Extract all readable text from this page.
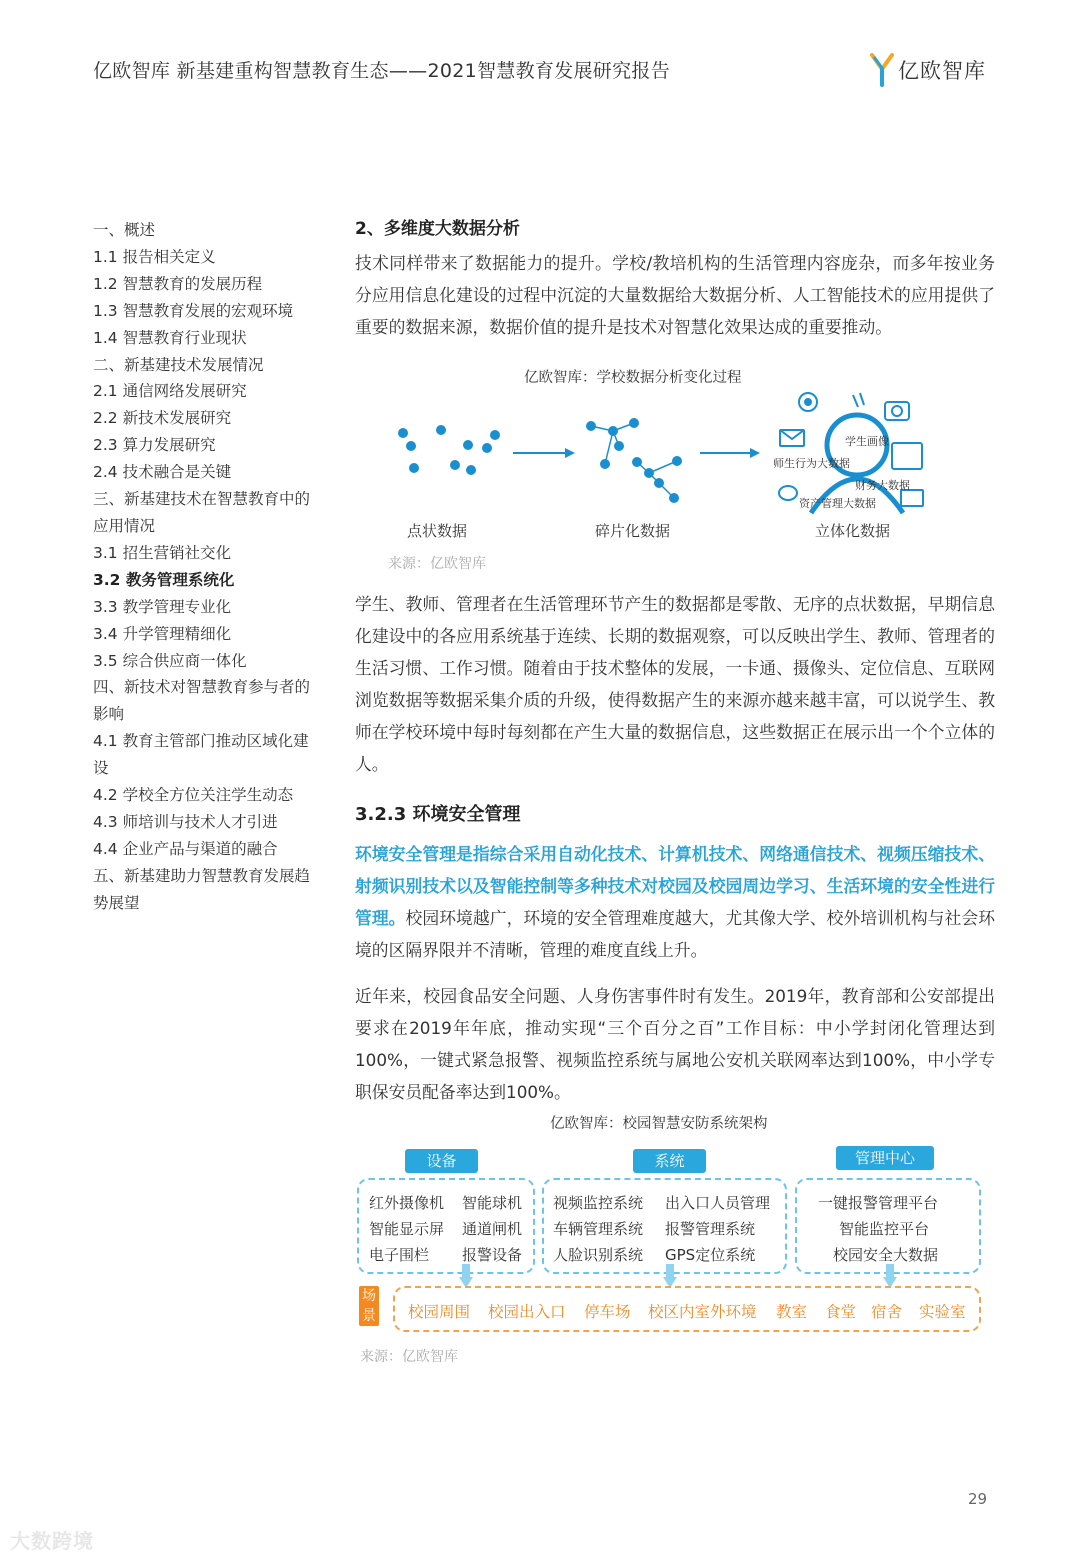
亿欧智库 新基建重构智慧教育生态——2021智慧教育发展研究报告	亿欧智库
一、概述
1.1 报告相关定义
1.2 智慧教育的发展历程
1.3 智慧教育发展的宏观环境
1.4 智慧教育行业现状
二、新基建技术发展情况
2.1 通信网络发展研究
2.2 新技术发展研究
2.3 算力发展研究
2.4 技术融合是关键
三、新基建技术在智慧教育中的应用情况
3.1 招生营销社交化
3.2 教务管理系统化
3.3 教学管理专业化
3.4 升学管理精细化
3.5 综合供应商一体化
四、新技术对智慧教育参与者的影响
4.1 教育主管部门推动区域化建设
4.2 学校全方位关注学生动态
4.3 师培训与技术人才引进
4.4 企业产品与渠道的融合
五、新基建助力智慧教育发展趋势展望
2、多维度大数据分析
技术同样带来了数据能力的提升。学校/教培机构的生活管理内容庞杂，而多年按业务分应用信息化建设的过程中沉淀的大量数据给大数据分析、人工智能技术的应用提供了重要的数据来源，数据价值的提升是技术对智慧化效果达成的重要推动。
亿欧智库：学校数据分析变化过程
学生画像
师生行为大数据
财务大数据
资产管理大数据
点状数据	碎片化数据	立体化数据
来源：亿欧智库
学生、教师、管理者在生活管理环节产生的数据都是零散、无序的点状数据，早期信息化建设中的各应用系统基于连续、长期的数据观察，可以反映出学生、教师、管理者的生活习惯、工作习惯。随着由于技术整体的发展，一卡通、摄像头、定位信息、互联网浏览数据等数据采集介质的升级，使得数据产生的来源亦越来越丰富，可以说学生、教师在学校环境中每时每刻都在产生大量的数据信息，这些数据正在展示出一个个立体的人。
3.2.3 环境安全管理
环境安全管理是指综合采用自动化技术、计算机技术、网络通信技术、视频压缩技术、射频识别技术以及智能控制等多种技术对校园及校园周边学习、生活环境的安全性进行管理。校园环境越广，环境的安全管理难度越大，尤其像大学、校外培训机构与社会环境的区隔界限并不清晰，管理的难度直线上升。
近年来，校园食品安全问题、人身伤害事件时有发生。2019年，教育部和公安部提出要求在2019年年底，推动实现“三个百分之百”工作目标：中小学封闭化管理达到100%，一键式紧急报警、视频监控系统与属地公安机关联网率达到100%，中小学专职保安员配备率达到100%。
亿欧智库：校园智慧安防系统架构
设备	系统	管理中心
红外摄像机 智能球机
智能显示屏 通道闸机
电子围栏 报警设备
视频监控系统 出入口人员管理
车辆管理系统 报警管理系统
人脸识别系统 GPS定位系统
一键报警管理平台
智能监控平台
校园安全大数据
场景 校园周围 校园出入口 停车场 校区内室外环境 教室 食堂 宿舍 实验室
来源：亿欧智库
29
大数跨境
